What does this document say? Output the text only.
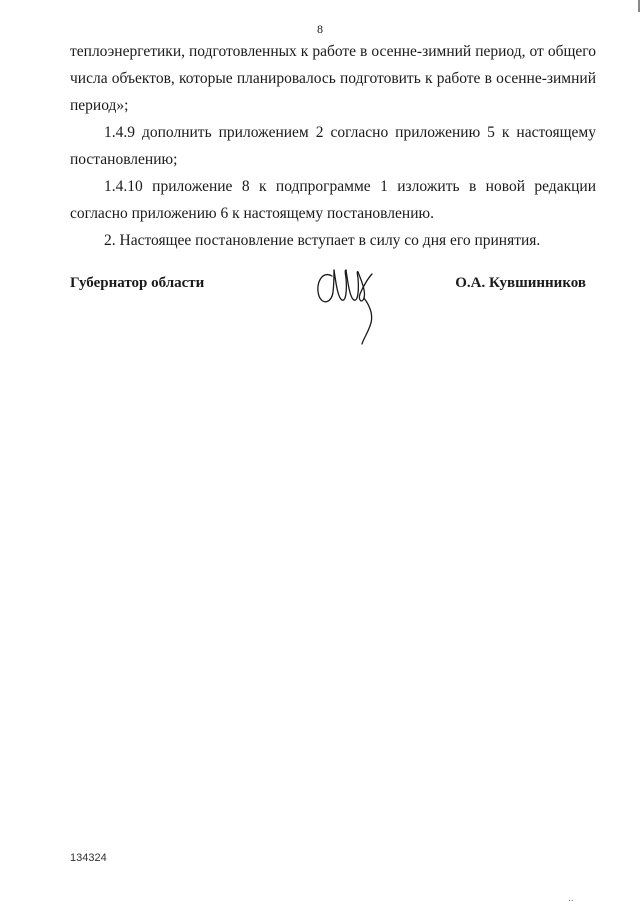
8

теплоэнергетики, подготовленных к работе в осенне-зимний период, от общего числа объектов, которые планировалось подготовить к работе в осенне-зимний период»;

1.4.9 дополнить приложением 2 согласно приложению 5 к настоящему постановлению;

1.4.10 приложение 8 к подпрограмме 1 изложить в новой редакции согласно приложению 6 к настоящему постановлению.

2. Настоящее постановление вступает в силу со дня его принятия.

Губернатор области	О.А. Кувшинников
134324
..
